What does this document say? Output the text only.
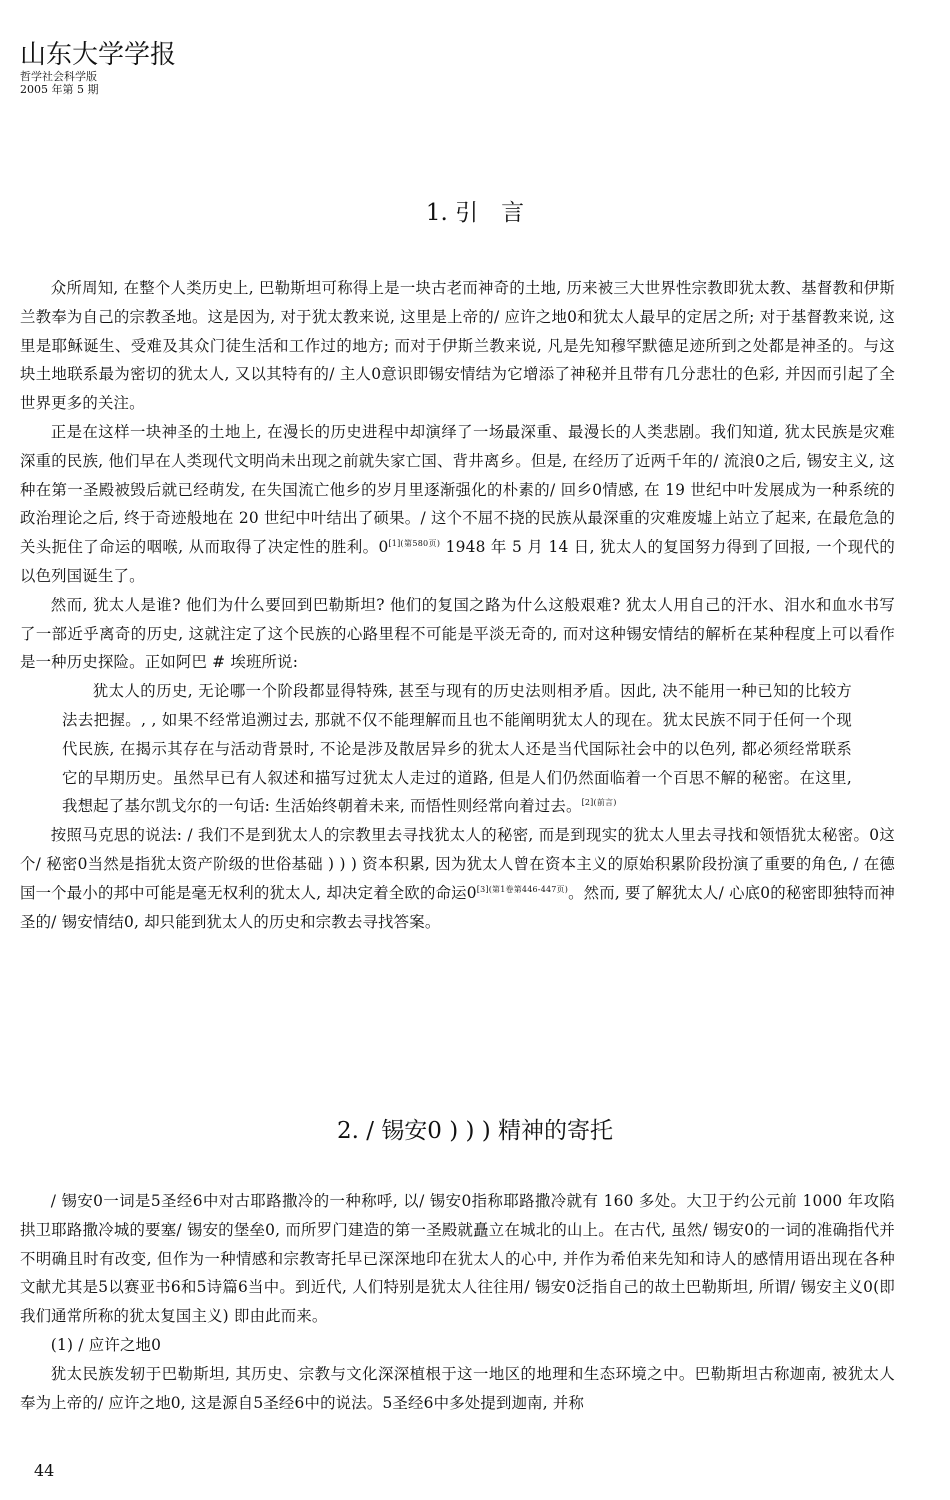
山东大学学报
哲学社会科学版
2005 年第 5 期
1. 引　言

众所周知, 在整个人类历史上, 巴勒斯坦可称得上是一块古老而神奇的土地, 历来被三大世界性宗教即犹太教、基督教和伊斯兰教奉为自己的宗教圣地。这是因为, 对于犹太教来说, 这里是上帝的/ 应许之地0和犹太人最早的定居之所; 对于基督教来说, 这里是耶稣诞生、受难及其众门徒生活和工作过的地方; 而对于伊斯兰教来说, 凡是先知穆罕默德足迹所到之处都是神圣的。与这块土地联系最为密切的犹太人, 又以其特有的/ 主人0意识即锡安情结为它增添了神秘并且带有几分悲壮的色彩, 并因而引起了全世界更多的关注。

正是在这样一块神圣的土地上, 在漫长的历史进程中却演绎了一场最深重、最漫长的人类悲剧。我们知道, 犹太民族是灾难深重的民族, 他们早在人类现代文明尚未出现之前就失家亡国、背井离乡。但是, 在经历了近两千年的/ 流浪0之后, 锡安主义, 这种在第一圣殿被毁后就已经萌发, 在失国流亡他乡的岁月里逐渐强化的朴素的/ 回乡0情感, 在 19 世纪中叶发展成为一种系统的政治理论之后, 终于奇迹般地在 20 世纪中叶结出了硕果。/ 这个不屈不挠的民族从最深重的灾难废墟上站立了起来, 在最危急的关头扼住了命运的咽喉, 从而取得了决定性的胜利。$0^{[1](第580页)}$ 1948 年 5 月 14 日, 犹太人的复国努力得到了回报, 一个现代的以色列国诞生了。

然而, 犹太人是谁? 他们为什么要回到巴勒斯坦? 他们的复国之路为什么这般艰难? 犹太人用自己的汗水、泪水和血水书写了一部近乎离奇的历史, 这就注定了这个民族的心路里程不可能是平淡无奇的, 而对这种锡安情结的解析在某种程度上可以看作是一种历史探险。正如阿巴 # 埃班所说:

犹太人的历史, 无论哪一个阶段都显得特殊, 甚至与现有的历史法则相矛盾。因此, 决不能用一种已知的比较方法去把握。, , 如果不经常追溯过去, 那就不仅不能理解而且也不能阐明犹太人的现在。犹太民族不同于任何一个现代民族, 在揭示其存在与活动背景时, 不论是涉及散居异乡的犹太人还是当代国际社会中的以色列, 都必须经常联系它的早期历史。虽然早已有人叙述和描写过犹太人走过的道路, 但是人们仍然面临着一个百思不解的秘密。在这里, 我想起了基尔凯戈尔的一句话: 生活始终朝着未来, 而悟性则经常向着过去。$^{[2](前言)}$

按照马克思的说法: / 我们不是到犹太人的宗教里去寻找犹太人的秘密, 而是到现实的犹太人里去寻找和领悟犹太秘密。0这个/ 秘密0当然是指犹太资产阶级的世俗基础 ) ) ) 资本积累, 因为犹太人曾在资本主义的原始积累阶段扮演了重要的角色, / 在德国一个最小的邦中可能是毫无权利的犹太人, 却决定着全欧的命运$0^{[3](第1卷第446-447页)}$。然而, 要了解犹太人/ 心底0的秘密即独特而神圣的/ 锡安情结0, 却只能到犹太人的历史和宗教去寻找答案。

2. / 锡安0 ) ) ) 精神的寄托

/ 锡安0一词是5圣经6中对古耶路撒冷的一种称呼, 以/ 锡安0指称耶路撒冷就有 160 多处。大卫于约公元前 1000 年攻陷拱卫耶路撒冷城的要塞/ 锡安的堡垒0, 而所罗门建造的第一圣殿就矗立在城北的山上。在古代, 虽然/ 锡安0的一词的准确指代并不明确且时有改变, 但作为一种情感和宗教寄托早已深深地印在犹太人的心中, 并作为希伯来先知和诗人的感情用语出现在各种文献尤其是5以赛亚书6和5诗篇6当中。到近代, 人们特别是犹太人往往用/ 锡安0泛指自己的故土巴勒斯坦, 所谓/ 锡安主义0(即我们通常所称的犹太复国主义) 即由此而来。

(1) / 应许之地0

犹太民族发轫于巴勒斯坦, 其历史、宗教与文化深深植根于这一地区的地理和生态环境之中。巴勒斯坦古称迦南, 被犹太人奉为上帝的/ 应许之地0, 这是源自5圣经6中的说法。5圣经6中多处提到迦南, 并称

44
